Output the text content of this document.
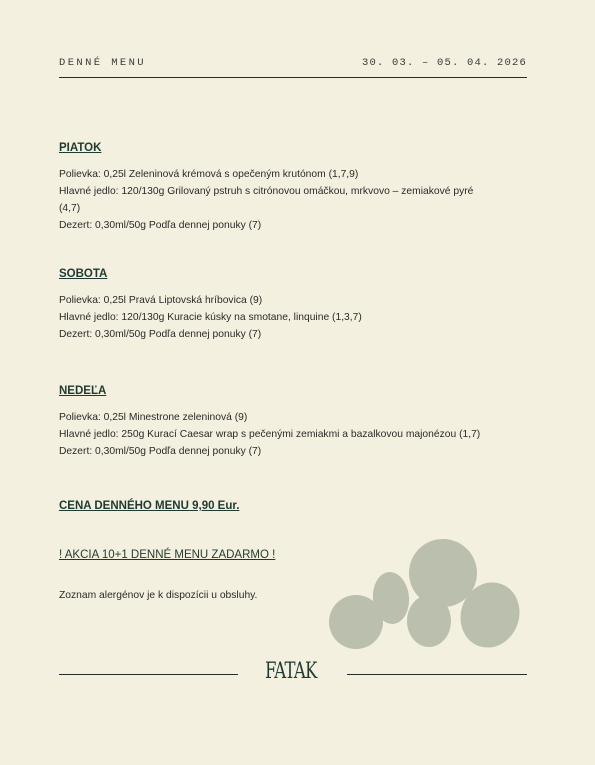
DENNÉ MENU	30. 03. – 05. 04. 2026
PIATOK
Polievka: 0,25l Zeleninová krémová s opečeným krutónom (1,7,9)
Hlavné jedlo: 120/130g Grilovaný pstruh s citrónovou omáčkou, mrkvovo – zemiakové pyré
(4,7)
Dezert: 0,30ml/50g Podľa dennej ponuky (7)
SOBOTA
Polievka: 0,25l Pravá Liptovská hríbovica (9)
Hlavné jedlo: 120/130g Kuracie kúsky na smotane, linquine (1,3,7)
Dezert: 0,30ml/50g Podľa dennej ponuky (7)
NEDEĽA
Polievka: 0,25l Minestrone zeleninová (9)
Hlavné jedlo: 250g Kurací Caesar wrap s pečenými zemiakmi a bazalkovou majonézou (1,7)
Dezert: 0,30ml/50g Podľa dennej ponuky (7)
CENA DENNÉHO MENU 9,90 Eur.
! AKCIA 10+1 DENNÉ MENU ZADARMO !
Zoznam alergénov je k dispozícii u obsluhy.
FATAK
